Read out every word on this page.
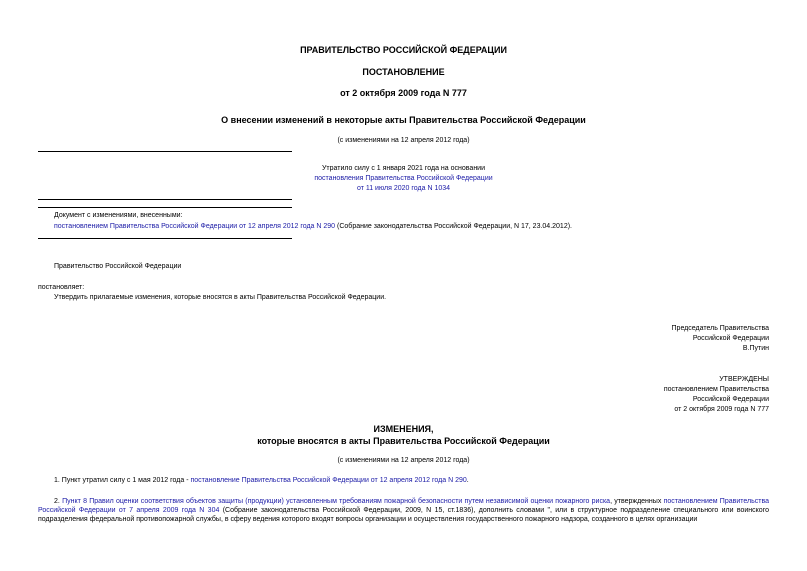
ПРАВИТЕЛЬСТВО РОССИЙСКОЙ ФЕДЕРАЦИИ
ПОСТАНОВЛЕНИЕ
от 2 октября 2009 года N 777
О внесении изменений в некоторые акты Правительства Российской Федерации
(с изменениями на 12 апреля 2012 года)
Утратило силу с 1 января 2021 года на основании
постановления Правительства Российской Федерации
от 11 июля 2020 года N 1034
Документ с изменениями, внесенными:
постановлением Правительства Российской Федерации от 12 апреля 2012 года N 290 (Собрание законодательства Российской Федерации, N 17, 23.04.2012).
Правительство Российской Федерации
постановляет:
Утвердить прилагаемые изменения, которые вносятся в акты Правительства Российской Федерации.
Председатель Правительства
Российской Федерации
В.Путин
УТВЕРЖДЕНЫ
постановлением Правительства
Российской Федерации
от 2 октября 2009 года N 777
ИЗМЕНЕНИЯ,
которые вносятся в акты Правительства Российской Федерации
(с изменениями на 12 апреля 2012 года)
1. Пункт утратил силу с 1 мая 2012 года - постановление Правительства Российской Федерации от 12 апреля 2012 года N 290.
2. Пункт 8 Правил оценки соответствия объектов защиты (продукции) установленным требованиям пожарной безопасности путем независимой оценки пожарного риска, утвержденных постановлением Правительства Российской Федерации от 7 апреля 2009 года N 304 (Собрание законодательства Российской Федерации, 2009, N 15, ст.1836), дополнить словами ", или в структурное подразделение специального или воинского подразделения федеральной противопожарной службы, в сферу ведения которого входят вопросы организации и осуществления государственного пожарного надзора, созданного в целях организации
